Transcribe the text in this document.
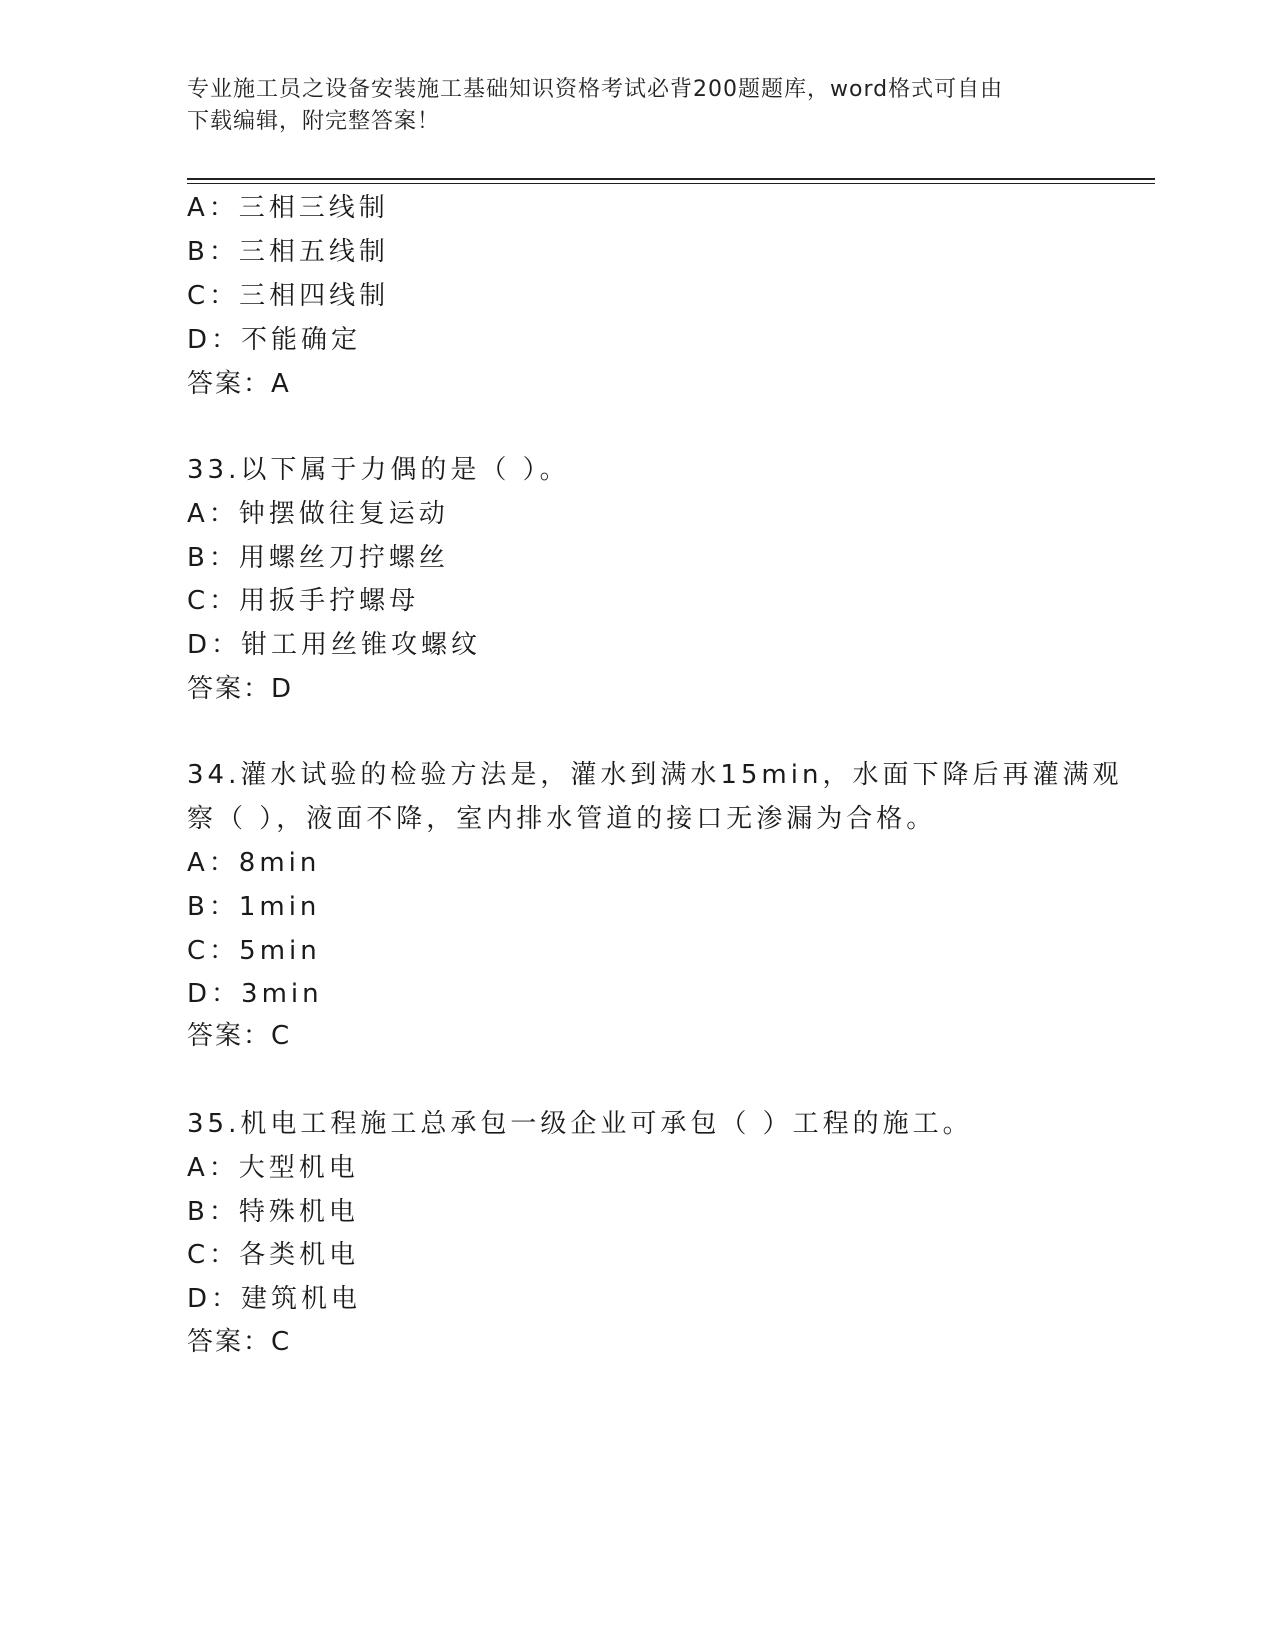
专业施工员之设备安装施工基础知识资格考试必背200题题库，word格式可自由
下载编辑，附完整答案！
A：三相三线制
B：三相五线制
C：三相四线制
D：不能确定
答案：A
33.以下属于力偶的是（ ）。
A：钟摆做往复运动
B：用螺丝刀拧螺丝
C：用扳手拧螺母
D：钳工用丝锥攻螺纹
答案：D
34.灌水试验的检验方法是，灌水到满水15min，水面下降后再灌满观
察（ ），液面不降，室内排水管道的接口无渗漏为合格。
A：8min
B：1min
C：5min
D：3min
答案：C
35.机电工程施工总承包一级企业可承包（ ）工程的施工。
A：大型机电
B：特殊机电
C：各类机电
D：建筑机电
答案：C
